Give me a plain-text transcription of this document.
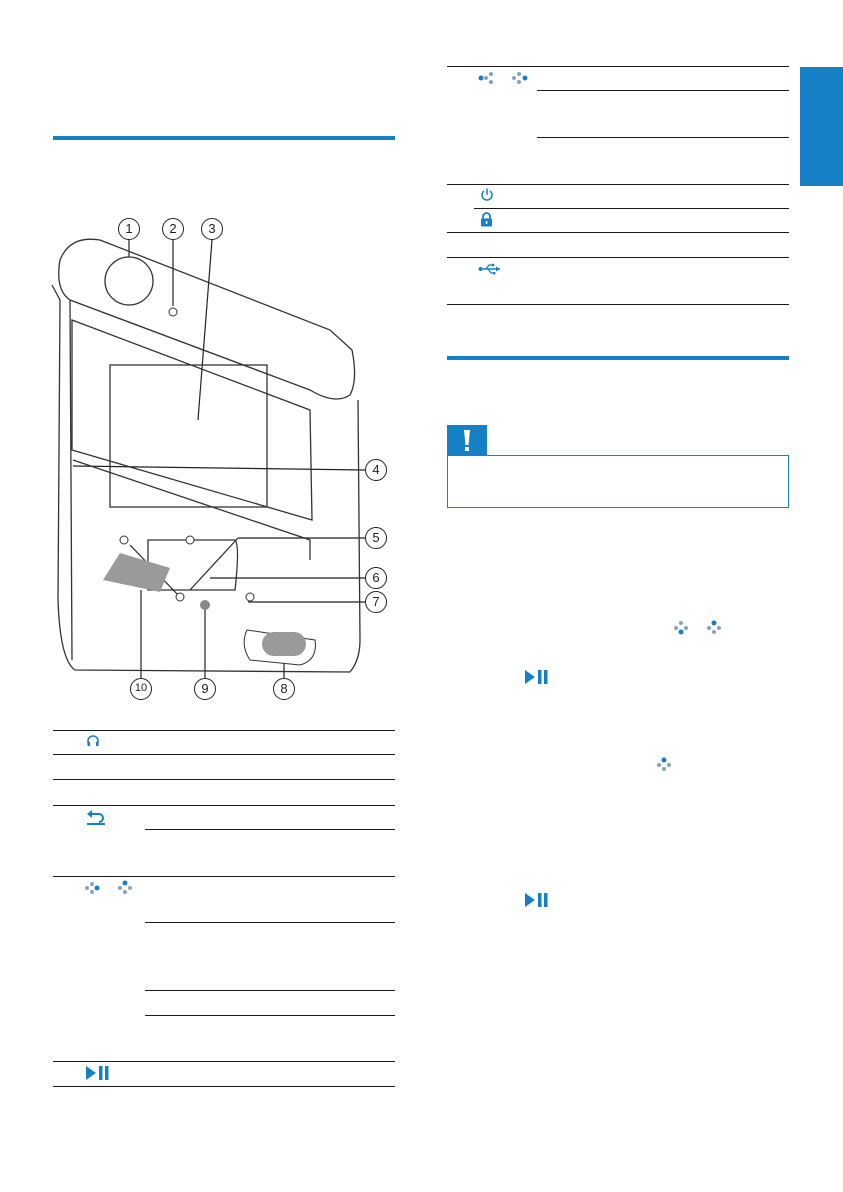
1	2	3
4
5
6
7
8
9
10
